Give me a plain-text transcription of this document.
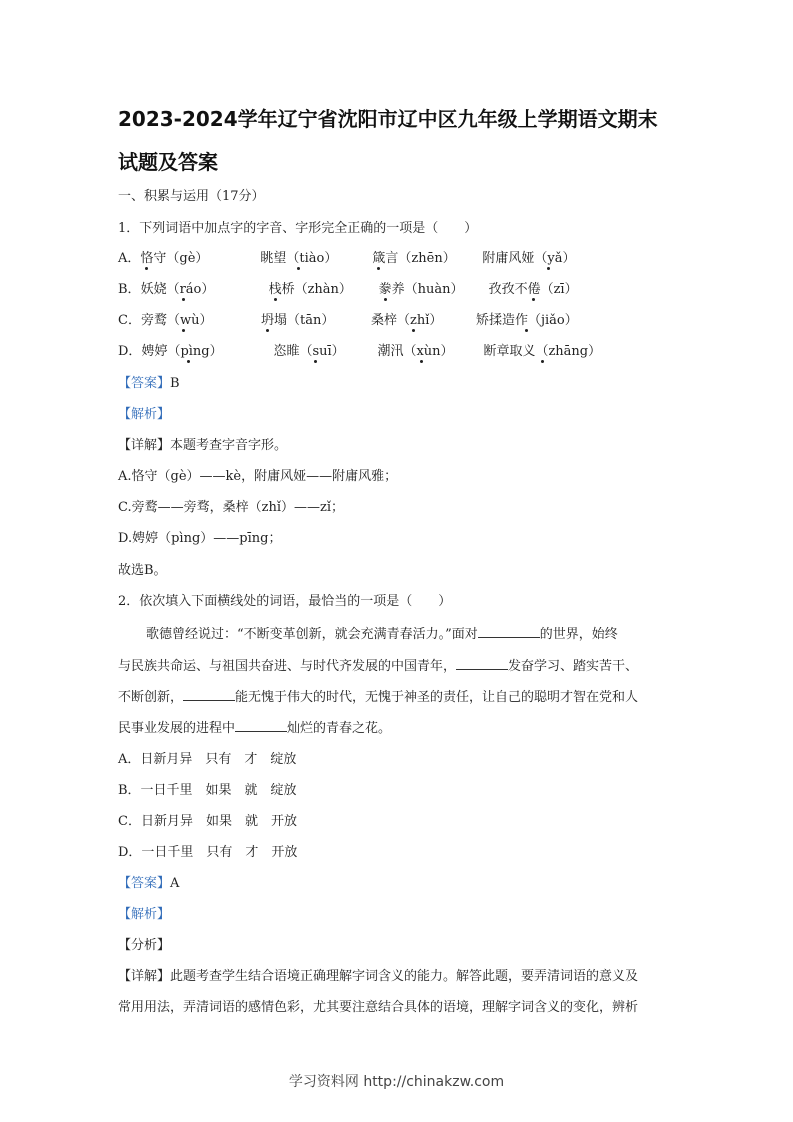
2023-2024学年辽宁省沈阳市辽中区九年级上学期语文期末
试题及答案
一、积累与运用（17分）
1．下列词语中加点字的字音、字形完全正确的一项是（　　）
A．恪守（gè）	眺望（tiào）	箴言（zhēn） 附庸风娅（yǎ）
B．妖娆（ráo）	栈桥（zhàn） 豢养（huàn） 孜孜不倦（zī）
C．旁鹜（wù）	坍塌（tān）	桑梓（zhǐ）	矫揉造作（jiǎo）
D．娉婷（pìng）	恣睢（suī）	潮汛（xùn） 断章取义（zhāng）
【答案】B
【解析】
【详解】本题考查字音字形。
A.恪守（gè）——kè，附庸风娅——附庸风雅；
C.旁鹜——旁骛，桑梓（zhǐ）——zǐ；
D.娉婷（pìng）——pīng；
故选B。
2．依次填入下面横线处的词语，最恰当的一项是（　　）
歌德曾经说过：“不断变革创新，就会充满青春活力。”面对	的世界，始终
与民族共命运、与祖国共奋进、与时代齐发展的中国青年，	发奋学习、踏实苦干、
不断创新，	能无愧于伟大的时代，无愧于神圣的责任，让自己的聪明才智在党和人
民事业发展的进程中	灿烂的青春之花。
A．日新月异　只有　才　绽放
B．一日千里　如果　就　绽放
C．日新月异　如果　就　开放
D．一日千里　只有　才　开放
【答案】A
【解析】
【分析】
【详解】此题考查学生结合语境正确理解字词含义的能力。解答此题，要弄清词语的意义及
常用用法，弄清词语的感情色彩，尤其要注意结合具体的语境，理解字词含义的变化，辨析
学习资料网 http://chinakzw.com
